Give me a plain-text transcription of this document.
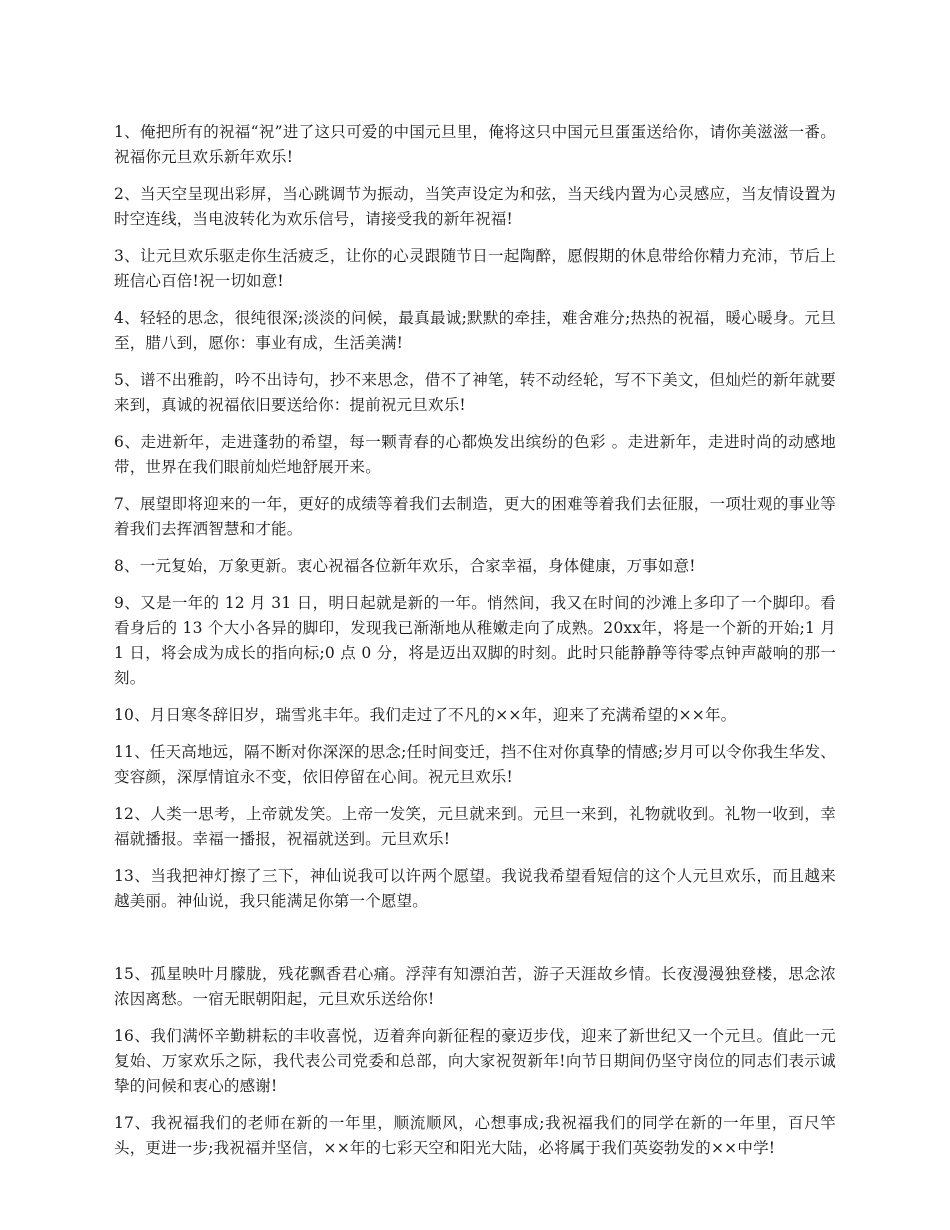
1、俺把所有的祝福“祝”进了这只可爱的中国元旦里，俺将这只中国元旦蛋蛋送给你，请你美滋滋一番。祝福你元旦欢乐新年欢乐!

2、当天空呈现出彩屏，当心跳调节为振动，当笑声设定为和弦，当天线内置为心灵感应，当友情设置为时空连线，当电波转化为欢乐信号，请接受我的新年祝福!

3、让元旦欢乐驱走你生活疲乏，让你的心灵跟随节日一起陶醉，愿假期的休息带给你精力充沛，节后上班信心百倍!祝一切如意!

4、轻轻的思念，很纯很深;淡淡的问候，最真最诚;默默的牵挂，难舍难分;热热的祝福，暖心暖身。元旦至，腊八到，愿你：事业有成，生活美满!

5、谱不出雅韵，吟不出诗句，抄不来思念，借不了神笔，转不动经轮，写不下美文，但灿烂的新年就要来到，真诚的祝福依旧要送给你：提前祝元旦欢乐!

6、走进新年，走进蓬勃的希望，每一颗青春的心都焕发出缤纷的色彩 。走进新年，走进时尚的动感地带，世界在我们眼前灿烂地舒展开来。

7、展望即将迎来的一年，更好的成绩等着我们去制造，更大的困难等着我们去征服，一项壮观的事业等着我们去挥洒智慧和才能。

8、一元复始，万象更新。衷心祝福各位新年欢乐，合家幸福，身体健康，万事如意!

9、又是一年的 12 月 31 日，明日起就是新的一年。悄然间，我又在时间的沙滩上多印了一个脚印。看看身后的 13 个大小各异的脚印，发现我已渐渐地从稚嫩走向了成熟。20xx年，将是一个新的开始;1 月 1 日，将会成为成长的指向标;0 点 0 分，将是迈出双脚的时刻。此时只能静静等待零点钟声敲响的那一刻。

10、月日寒冬辞旧岁，瑞雪兆丰年。我们走过了不凡的××年，迎来了充满希望的××年。

11、任天高地远，隔不断对你深深的思念;任时间变迁，挡不住对你真挚的情感;岁月可以令你我生华发、变容颜，深厚情谊永不变，依旧停留在心间。祝元旦欢乐!

12、人类一思考，上帝就发笑。上帝一发笑，元旦就来到。元旦一来到，礼物就收到。礼物一收到，幸福就播报。幸福一播报，祝福就送到。元旦欢乐!

13、当我把神灯擦了三下，神仙说我可以许两个愿望。我说我希望看短信的这个人元旦欢乐，而且越来越美丽。神仙说，我只能满足你第一个愿望。

15、孤星映叶月朦胧，残花飘香君心痛。浮萍有知漂泊苦，游子天涯故乡情。长夜漫漫独登楼，思念浓浓因离愁。一宿无眠朝阳起，元旦欢乐送给你!

16、我们满怀辛勤耕耘的丰收喜悦，迈着奔向新征程的豪迈步伐，迎来了新世纪又一个元旦。值此一元复始、万家欢乐之际，我代表公司党委和总部，向大家祝贺新年!向节日期间仍坚守岗位的同志们表示诚挚的问候和衷心的感谢!

17、我祝福我们的老师在新的一年里，顺流顺风，心想事成;我祝福我们的同学在新的一年里，百尺竿头，更进一步;我祝福并坚信，××年的七彩天空和阳光大陆，必将属于我们英姿勃发的××中学!
